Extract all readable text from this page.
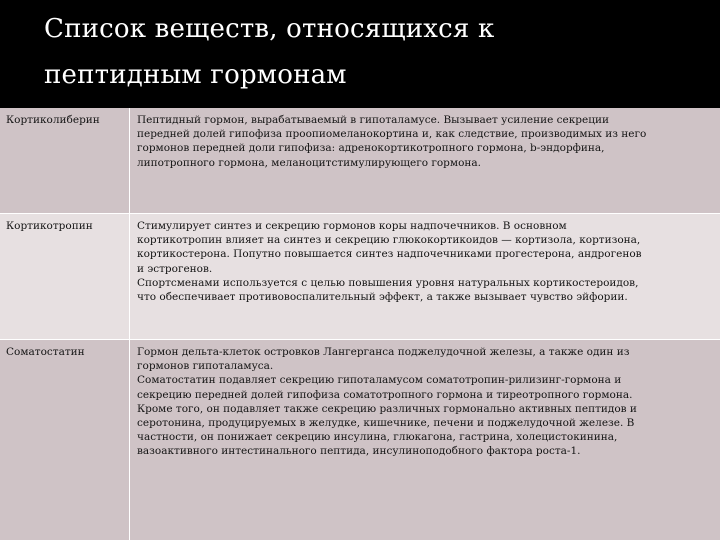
Список веществ, относящихся к
пептидным гормонам
Кортиколиберин	Пептидный гормон, вырабатываемый в гипоталамусе. Вызывает усиление секреции
передней долей гипофиза проопиомеланокортина и, как следствие, производимых из него
гормонов передней доли гипофиза: адренокортикотропного гормона, b-эндорфина,
липотропного гормона, меланоцитстимулирующего гормона.
Кортикотропин	Стимулирует синтез и секрецию гормонов коры надпочечников. В основном
кортикотропин влияет на синтез и секрецию глюкокортикоидов — кортизола, кортизона,
кортикостерона. Попутно повышается синтез надпочечниками прогестерона, андрогенов
и эстрогенов.
Спортсменами используется с целью повышения уровня натуральных кортикостероидов,
что обеспечивает противовоспалительный эффект, а также вызывает чувство эйфории.
Соматостатин	Гормон дельта-клеток островков Лангерганса поджелудочной железы, а также один из
гормонов гипоталамуса.
Соматостатин подавляет секрецию гипоталамусом соматотропин-рилизинг-гормона и
секрецию передней долей гипофиза соматотропного гормона и тиреотропного гормона.
Кроме того, он подавляет также секрецию различных гормонально активных пептидов и
серотонина, продуцируемых в желудке, кишечнике, печени и поджелудочной железе. В
частности, он понижает секрецию инсулина, глюкагона, гастрина, холецистокинина,
вазоактивного интестинального пептида, инсулиноподобного фактора роста-1.
